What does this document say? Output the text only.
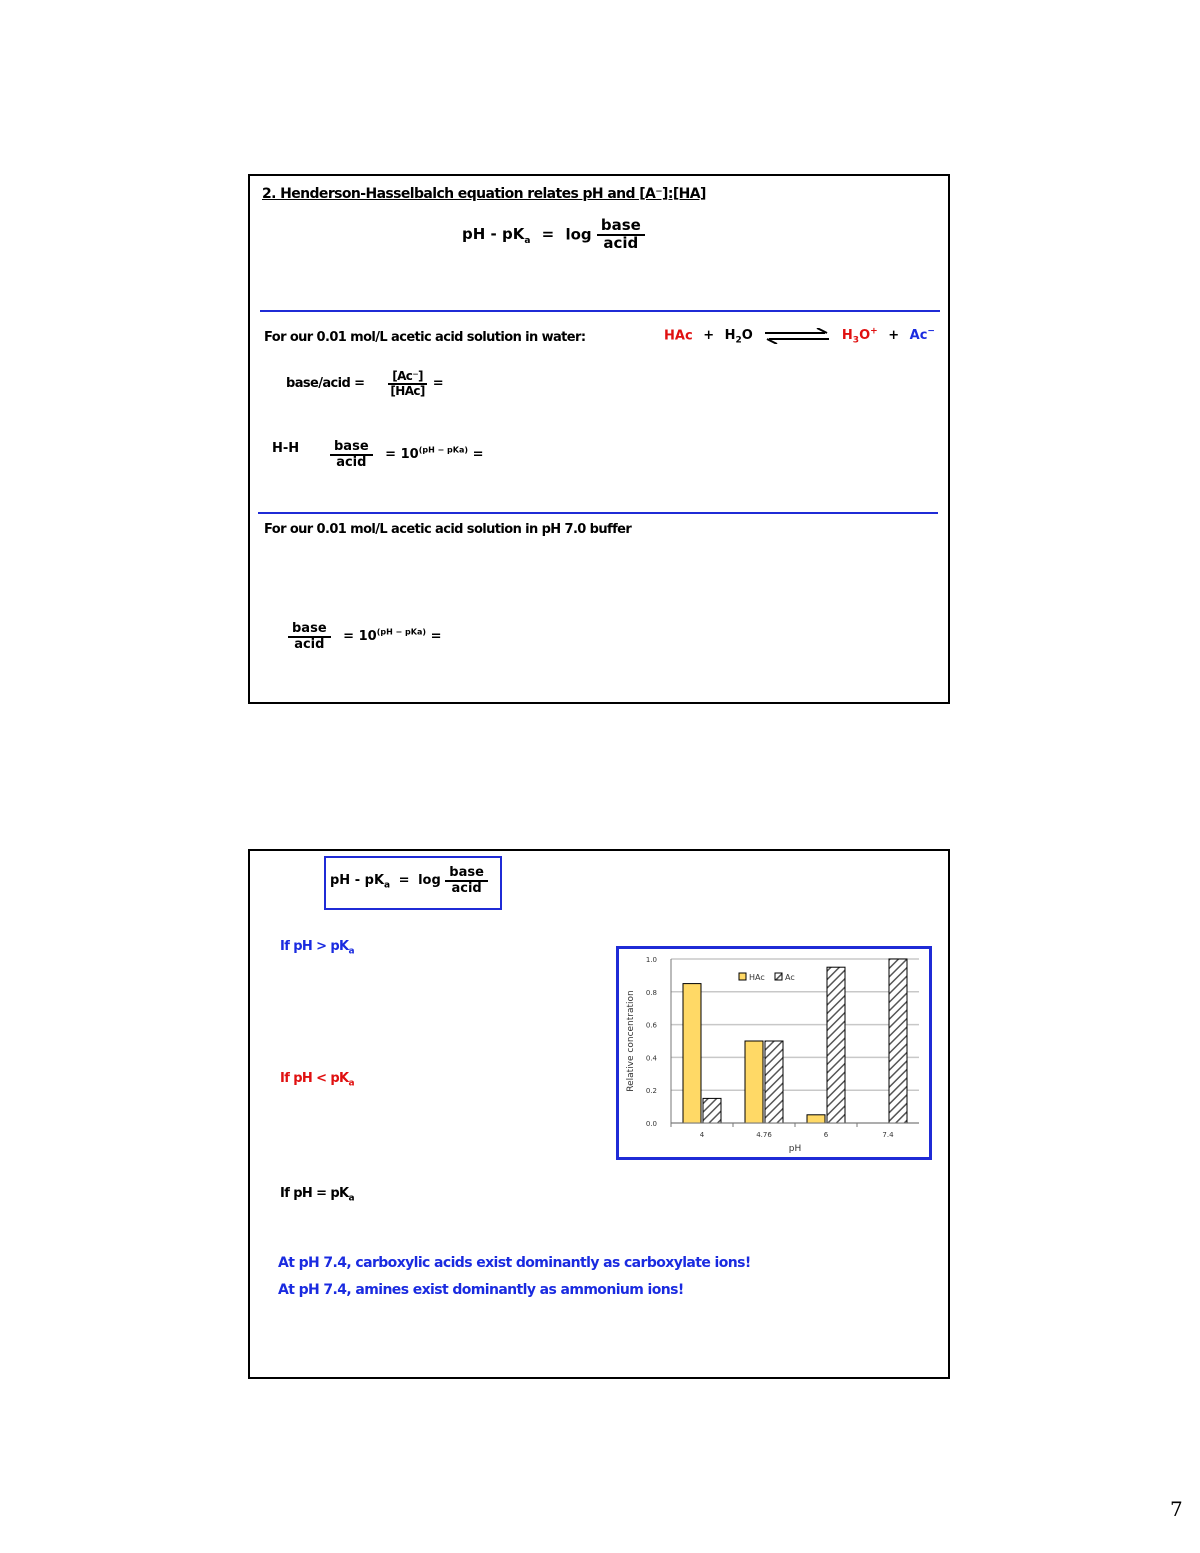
2. Henderson-Hasselbalch equation relates pH and [A⁻]:[HA]
pH - $pK_a = \log \frac{\text{base}}{\text{acid}}$
For our 0.01 mol/L acetic acid solution in water:	HAc + $H_2O$	$H_3O^+ + Ac^-$
base/acid = $\frac{[Ac^-]}{\text{[HAc]}}$ =
$H-H \frac{\text{base}}{\text{acid}} = 10^{(pH - pKa)}$ =
For our 0.01 mol/L acetic acid solution in pH 7.0 buffer
$\frac{\text{base}}{\text{acid}} = 10^{(pH - pKa)}$ =
pH - $pK_a = \log \frac{\text{base}}{\text{acid}}$
If pH > $pK_a$
If pH < $pK_a$
If pH = $pK_a$
At pH 7.4, carboxylic acids exist dominantly as carboxylate ions!
At pH 7.4, amines exist dominantly as ammonium ions!
0.0
0.2
0.4
0.6
0.8
1.0
4	4.76	6	7.4
pH
Relative concentration
HAc	Ac
7
